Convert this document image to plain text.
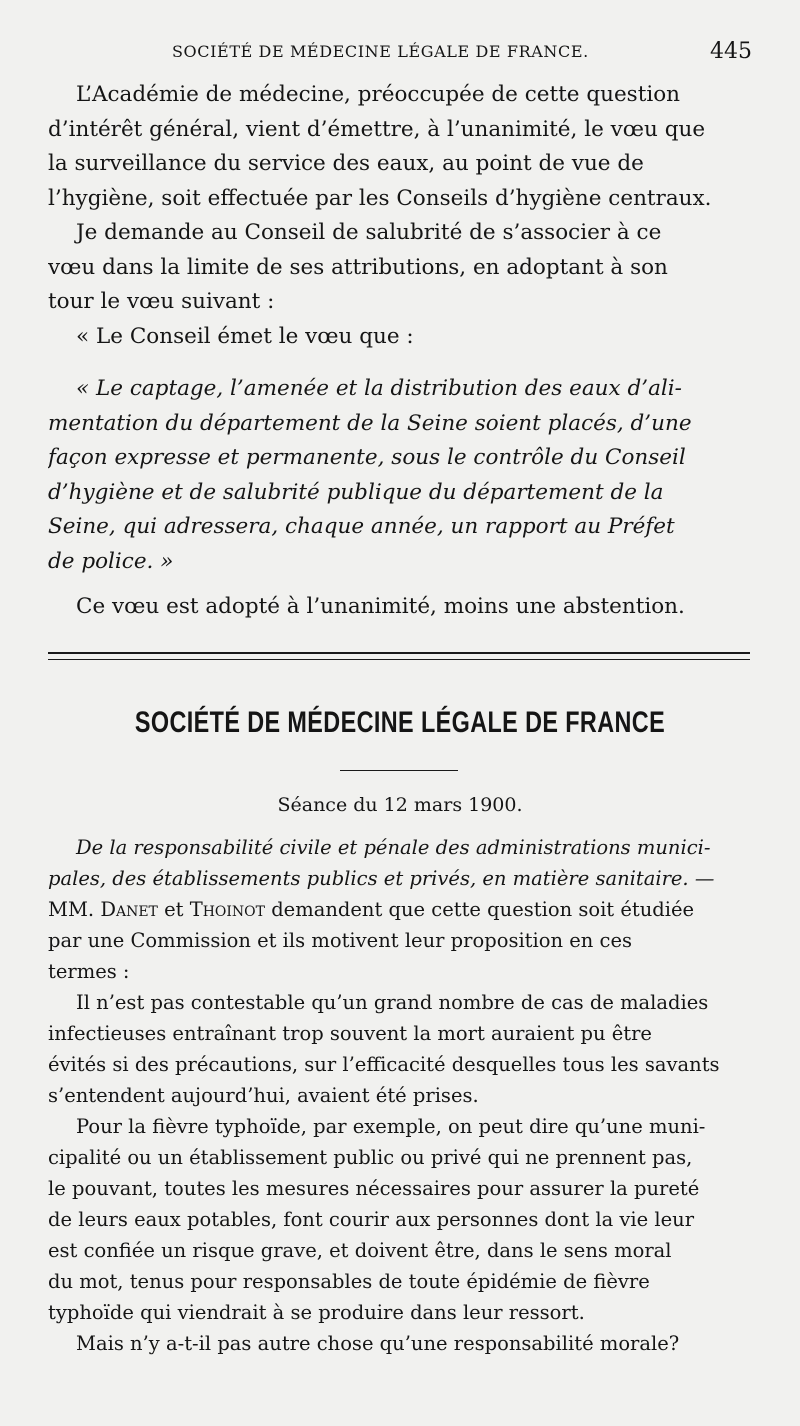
SOCIÉTÉ DE MÉDECINE LÉGALE DE FRANCE.	445
L’Académie de médecine, préoccupée de cette question
d’intérêt général, vient d’émettre, à l’unanimité, le vœu que
la surveillance du service des eaux, au point de vue de
l’hygiène, soit effectuée par les Conseils d’hygiène centraux.
Je demande au Conseil de salubrité de s’associer à ce
vœu dans la limite de ses attributions, en adoptant à son
tour le vœu suivant :
« Le Conseil émet le vœu que :
« Le captage, l’amenée et la distribution des eaux d’ali-
mentation du département de la Seine soient placés, d’une
façon expresse et permanente, sous le contrôle du Conseil
d’hygiène et de salubrité publique du département de la
Seine, qui adressera, chaque année, un rapport au Préfet
de police. »
Ce vœu est adopté à l’unanimité, moins une abstention.
SOCIÉTÉ DE MÉDECINE LÉGALE DE FRANCE
Séance du 12 mars 1900.
De la responsabilité civile et pénale des administrations munici-
pales, des établissements publics et privés, en matière sanitaire. —
MM. Danet et Thoinot demandent que cette question soit étudiée
par une Commission et ils motivent leur proposition en ces
termes :
Il n’est pas contestable qu’un grand nombre de cas de maladies
infectieuses entraînant trop souvent la mort auraient pu être
évités si des précautions, sur l’efficacité desquelles tous les savants
s’entendent aujourd’hui, avaient été prises.
Pour la fièvre typhoïde, par exemple, on peut dire qu’une muni-
cipalité ou un établissement public ou privé qui ne prennent pas,
le pouvant, toutes les mesures nécessaires pour assurer la pureté
de leurs eaux potables, font courir aux personnes dont la vie leur
est confiée un risque grave, et doivent être, dans le sens moral
du mot, tenus pour responsables de toute épidémie de fièvre
typhoïde qui viendrait à se produire dans leur ressort.
Mais n’y a-t-il pas autre chose qu’une responsabilité morale?
